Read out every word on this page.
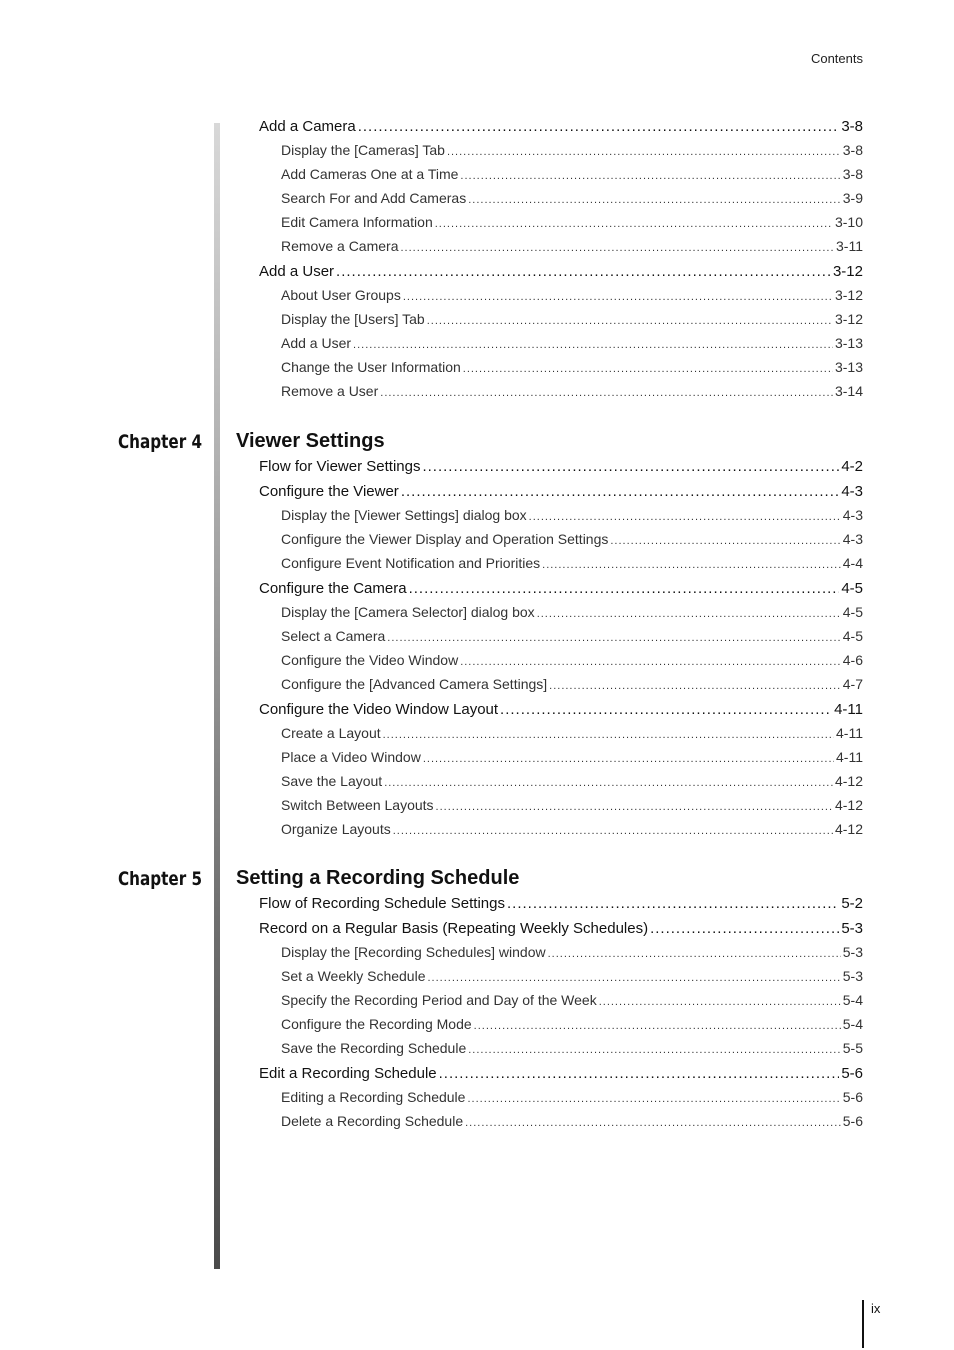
Contents
Add a Camera .....	3-8
Display the [Cameras] Tab .....	3-8
Add Cameras One at a Time .....	3-8
Search For and Add Cameras .....	3-9
Edit Camera Information .....	3-10
Remove a Camera .....	3-11
Add a User .....	3-12
About User Groups .....	3-12
Display the [Users] Tab .....	3-12
Add a User .....	3-13
Change the User Information .....	3-13
Remove a User .....	3-14
Chapter 4 Viewer Settings
Flow for Viewer Settings .....	4-2
Configure the Viewer .....	4-3
Display the [Viewer Settings] dialog box .....	4-3
Configure the Viewer Display and Operation Settings .....	4-3
Configure Event Notification and Priorities .....	4-4
Configure the Camera .....	4-5
Display the [Camera Selector] dialog box .....	4-5
Select a Camera .....	4-5
Configure the Video Window .....	4-6
Configure the [Advanced Camera Settings] .....	4-7
Configure the Video Window Layout .....	4-11
Create a Layout .....	4-11
Place a Video Window .....	4-11
Save the Layout .....	4-12
Switch Between Layouts .....	4-12
Organize Layouts .....	4-12
Chapter 5 Setting a Recording Schedule
Flow of Recording Schedule Settings .....	5-2
Record on a Regular Basis (Repeating Weekly Schedules) .....	5-3
Display the [Recording Schedules] window .....	5-3
Set a Weekly Schedule .....	5-3
Specify the Recording Period and Day of the Week .....	5-4
Configure the Recording Mode .....	5-4
Save the Recording Schedule .....	5-5
Edit a Recording Schedule .....	5-6
Editing a Recording Schedule .....	5-6
Delete a Recording Schedule .....	5-6
ix
